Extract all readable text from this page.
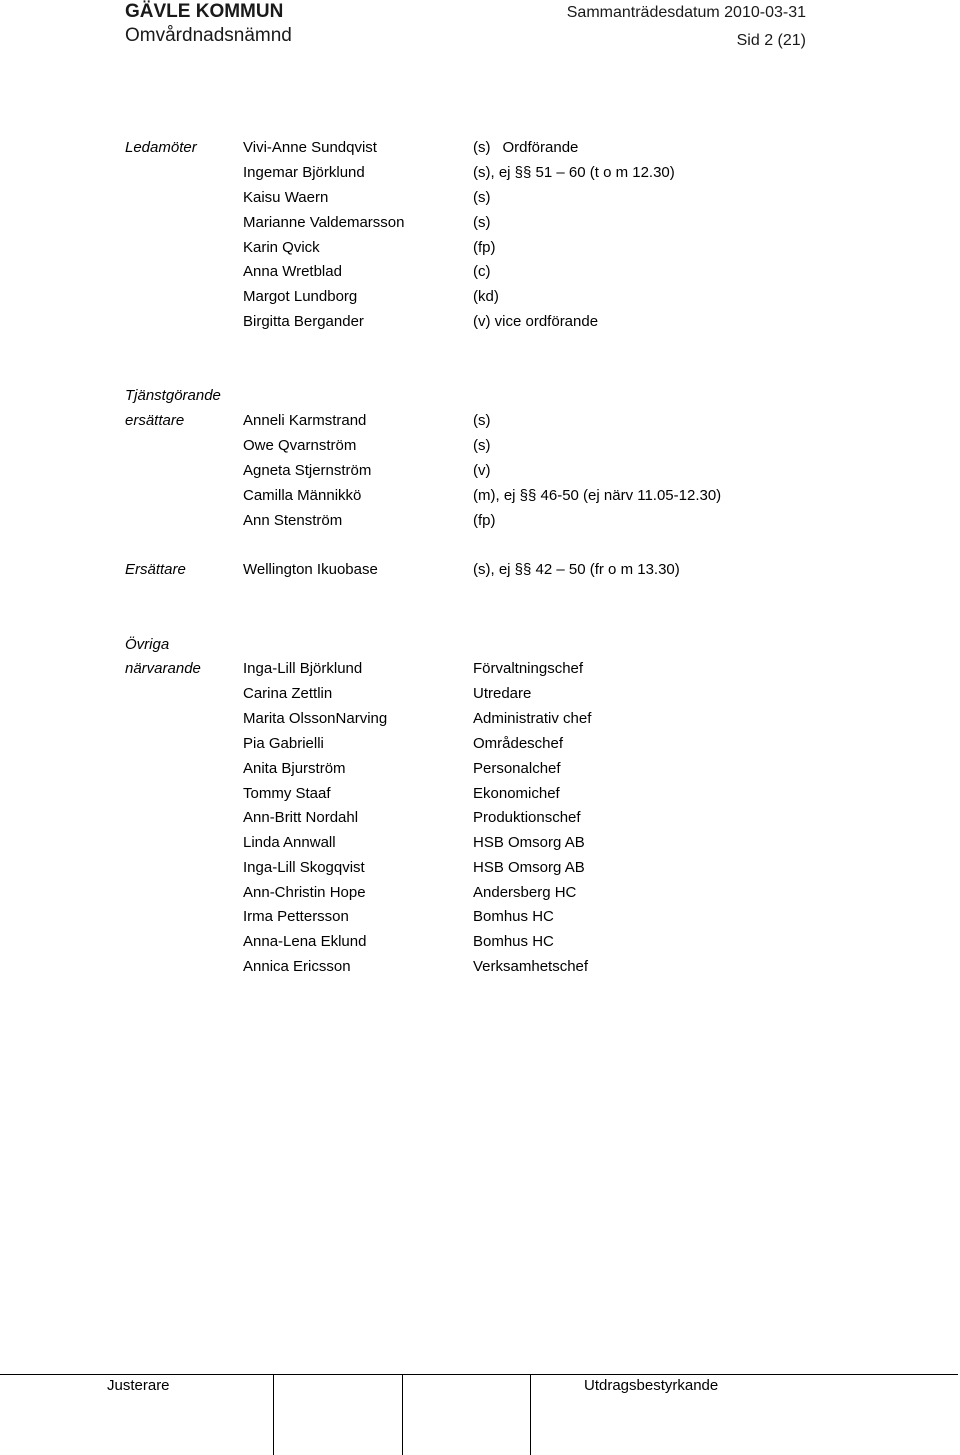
GÄVLE KOMMUN
Omvårdnadsnämnd
Sammanträdesdatum 2010-03-31
Sid 2 (21)
Ledamöter	Vivi-Anne Sundqvist	(s) Ordförande
Ingemar Björklund	(s), ej §§ 51 – 60 (t o m 12.30)
Kaisu Waern	(s)
Marianne Valdemarsson	(s)
Karin Qvick	(fp)
Anna Wretblad	(c)
Margot Lundborg	(kd)
Birgitta Bergander	(v) vice ordförande
Tjänstgörande
ersättare	Anneli Karmstrand	(s)
Owe Qvarnström	(s)
Agneta Stjernström	(v)
Camilla Männikkö	(m), ej §§ 46-50 (ej närv 11.05-12.30)
Ann Stenström	(fp)
Ersättare	Wellington Ikuobase	(s), ej §§ 42 – 50 (fr o m 13.30)
Övriga
närvarande	Inga-Lill Björklund	Förvaltningschef
Carina Zettlin	Utredare
Marita OlssonNarving	Administrativ chef
Pia Gabrielli	Områdeschef
Anita Bjurström	Personalchef
Tommy Staaf	Ekonomichef
Ann-Britt Nordahl	Produktionschef
Linda Annwall	HSB Omsorg AB
Inga-Lill Skogqvist	HSB Omsorg AB
Ann-Christin Hope	Andersberg HC
Irma Pettersson	Bomhus HC
Anna-Lena Eklund	Bomhus HC
Annica Ericsson	Verksamhetschef
Justerare	Utdragsbestyrkande
